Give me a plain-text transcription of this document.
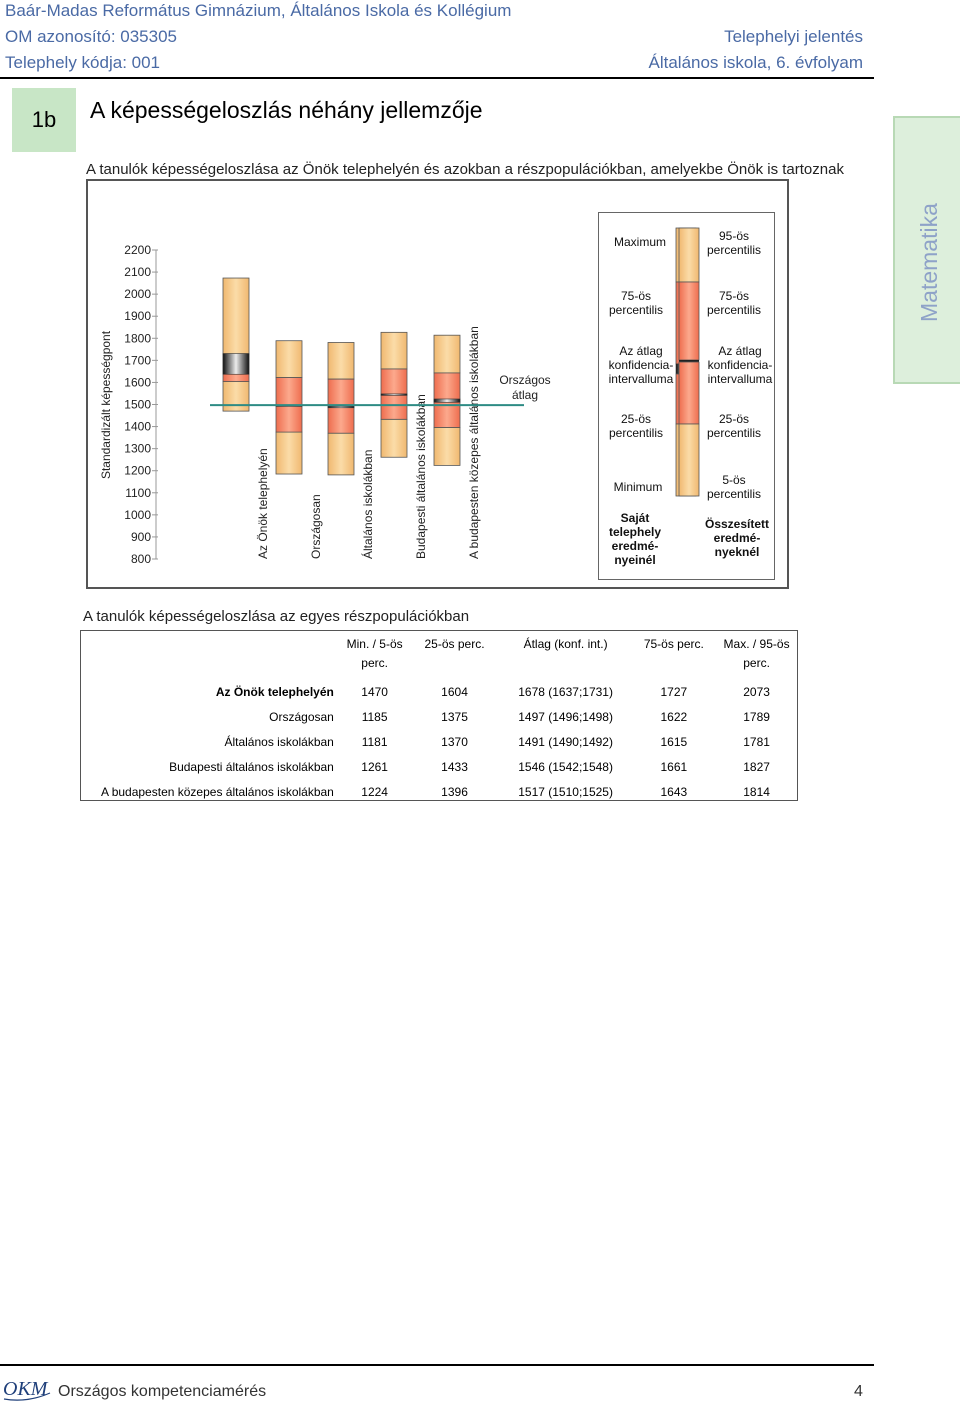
Baár-Madas Református Gimnázium, Általános Iskola és Kollégium
OM azonosító: 035305
Telephely kódja: 001
Telephelyi jelentés
Általános iskola, 6. évfolyam
1b	A képességeloszlás néhány jellemzője
Matematika
A tanulók képességeloszlása az Önök telephelyén és azokban a részpopulációkban, amelyekbe Önök is tartoznak
2200
2100
2000
1900
1800
1700
1600
1500
1400
1300
1200
1100
1000
900
800
Standardizált képességpont
Az Önök telephelyén	Országosan	Általános iskolákban	Budapesti általános iskolákban	A budapesten közepes általános iskolákban Országos átlag
Maximum
75-ös percentilis
Az átlag konfidencia-intervalluma
25-ös percentilis
Minimum
Saját telephely eredmé-nyeinél
95-ös percentilis
75-ös percentilis
Az átlag konfidencia-intervalluma
25-ös percentilis
5-ös percentilis
Összesített eredmé-nyeknél
A tanulók képességeloszlása az egyes részpopulációkban
	Min. / 5-ös perc.	25-ös perc.	Átlag (konf. int.)	75-ös perc.	Max. / 95-ös perc.
Az Önök telephelyén	1470	1604	1678 (1637;1731)	1727	2073
Országosan	1185	1375	1497 (1496;1498)	1622	1789
Általános iskolákban	1181	1370	1491 (1490;1492)	1615	1781
Budapesti általános iskolákban	1261	1433	1546 (1542;1548)	1661	1827
A budapesten közepes általános iskolákban	1224	1396	1517 (1510;1525)	1643	1814
OKM Országos kompetenciamérés	4
